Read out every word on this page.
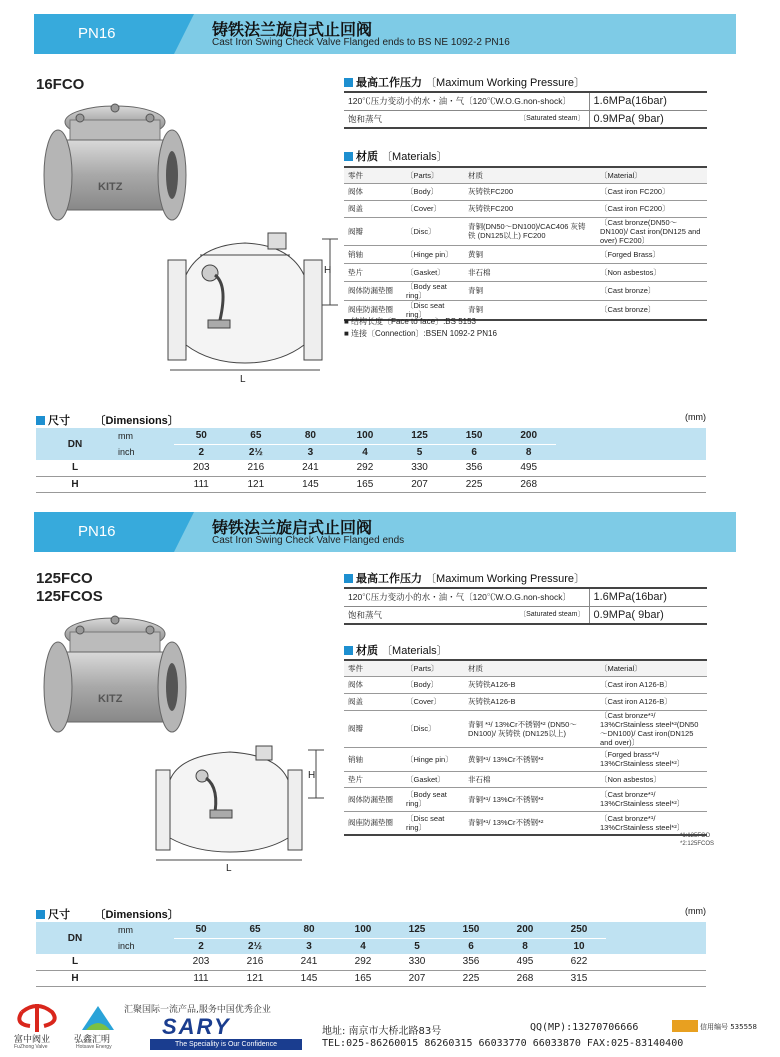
PN16	铸铁法兰旋启式止回阀
Cast Iron Swing Check Valve Flanged ends to BS NE 1092-2 PN16
16FCO
KITZ
H
L
最高工作压力 〔Maximum Working Pressure〕
120℃压力变动小的水・油・气〔120℃W.O.G.non-shock〕	1.6MPa(16bar)
饱和蒸气 〔Saturated steam〕	0.9MPa( 9bar)
材质 〔Materials〕
零件	〔Parts〕	材质	〔Material〕
阀体	〔Body〕	灰铸铁FC200	〔Cast iron FC200〕
阀盖	〔Cover〕	灰铸铁FC200	〔Cast iron FC200〕
阀瓣	〔Disc〕	青铜(DN50～DN100)/CAC406 灰铸铁 (DN125以上) FC200	〔Cast bronze(DN50～DN100)/ Cast iron(DN125 and over) FC200〕
销轴	〔Hinge pin〕	黄铜	〔Forged Brass〕
垫片	〔Gasket〕	非石棉	〔Non asbestos〕
阀体防漏垫圈	〔Body seat ring〕	青铜	〔Cast bronze〕
阀座防漏垫圈	〔Disc seat ring〕	青铜	〔Cast bronze〕
■ 结构长度〔Face to face〕:BS 5153
■ 连接〔Connection〕:BSEN 1092-2 PN16
尺寸 〔Dimensions〕	(mm)
DN	mm	50	65	80	100	125	150	200	
	inch	2	2½	3	4	5	6	8	
L		203	216	241	292	330	356	495	
H		111	121	145	165	207	225	268	
PN16	铸铁法兰旋启式止回阀
Cast Iron Swing Check Valve Flanged ends
125FCO
125FCOS
KITZ
H
L
最高工作压力 〔Maximum Working Pressure〕
120℃压力变动小的水・油・气〔120℃W.O.G.non-shock〕	1.6MPa(16bar)
饱和蒸气 〔Saturated steam〕	0.9MPa( 9bar)
材质 〔Materials〕
零件	〔Parts〕	材质	〔Material〕
阀体	〔Body〕	灰铸铁A126-B	〔Cast iron A126-B〕
阀盖	〔Cover〕	灰铸铁A126-B	〔Cast iron A126-B〕
阀瓣	〔Disc〕	青铜 *¹/ 13%Cr不锈钢*² (DN50～DN100)/ 灰铸铁 (DN125以上)	〔Cast bronze*¹/ 13%CrStainless steel*²(DN50～DN100)/ Cast iron(DN125 and over)〕
销轴	〔Hinge pin〕	黄铜*¹/ 13%Cr不锈钢*²	〔Forged brass*¹/ 13%CrStainless steel*²〕
垫片	〔Gasket〕	非石棉	〔Non asbestos〕
阀体防漏垫圈	〔Body seat ring〕	青铜*¹/ 13%Cr不锈钢*²	〔Cast bronze*¹/ 13%CrStainless steel*²〕
阀座防漏垫圈	〔Disc seat ring〕	青铜*¹/ 13%Cr不锈钢*²	〔Cast bronze*¹/ 13%CrStainless steel*²〕
*1:125FCO
*2:125FCOS
尺寸 〔Dimensions〕	(mm)
DN	mm	50	65	80	100	125	150	200	250	
	inch	2	2½	3	4	5	6	8	10	
L		203	216	241	292	330	356	495	622	
H		111	121	145	165	207	225	268	315	
富中阀业
FuZhong Valve
弘鑫汇明
Hotsave Energy
汇聚国际一流产品,服务中国优秀企业
SARY
The Speciality is Our Confidence
地址: 南京市大桥北路83号	QQ(MP):13270706666	信用编号 535558
TEL:025-86260015 86260315 66033770 66033870 FAX:025-83140400
